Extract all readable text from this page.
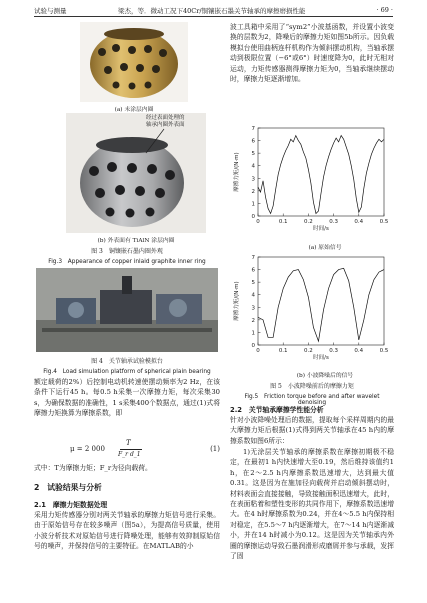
试验与测量	梁杰，等．微动工况下40Cr/铜镶嵌石墨关节轴承的摩擦磨损性能	· 69 ·
(a) 未涂层内圈
经过表面处理的
轴承内圈外表面
(b) 外表面有 TiAlN 涂层内圈
图 3　铜镶嵌石墨内圈外观
Fig.3　Appearance of copper inlaid graphite inner ring
图 4　关节轴承试验模拟台
Fig.4　Load simulation platform of spherical plain bearing
额定载荷的2%）后控制电动机转速使摆动频率为2 Hz，在该条件下运行45 h。每0.5 h采集一次摩擦力矩，每次采集30 s，为确保数据的准确性，1 s采集400个数据点，通过(1)式将摩擦力矩换算为摩擦系数，即
μ = 2 000
T
F_r d_1
(1)
式中：T为摩擦力矩；F_r为径向载荷。
2　试验结果与分析
2.1　摩擦力矩数据处理
采用力矩传感器分别对两关节轴承的摩擦力矩信号进行采集。由于原始信号存在较多噪声（图5a），为提高信号质量，使用小波分析技术对原始信号进行降噪处理，能够有效抑制原始信号的噪声，并保持信号的主要特征。在MATLAB的小
波工具箱中采用了“sym2”小波基函数，并设置小波变换的层数为2，降噪后的摩擦力矩如图5b所示。因负载模拟台使用曲柄连杆机构作为倾斜摆动机构，当轴承摆动到极限位置（−6°或6°）时速度降为0，此时无相对运动，力矩传感器测得摩擦力矩为0，当轴承继续摆动时，摩擦力矩逐渐增加。
0
1
2
3
4
5
6
7
0	0.1	0.2	0.3	0.4	0.5
时间/s
摩擦力矩/(N·m)
(a) 原始信号
0
1
2
3
4
5
6
7
0	0.1	0.2	0.3	0.4	0.5
时间/s
摩擦力矩/(N·m)
(b) 小波降噪后的信号
图 5　小波降噪前后的摩擦力矩
Fig.5　Friction torque before and after wavelet denoising
2.2　关节轴承摩擦学性能分析
针对小波降噪处理后的数据，提取每个采样周期内的最大摩擦力矩后根据(1)式得到两关节轴承在45 h内的摩擦系数如图6所示：
1)无涂层关节轴承的摩擦系数在摩擦初期极不稳定，在最初1 h内快速增大至0.19，然后维持该值约1 h，在2～2.5 h内摩擦系数迅速增大，达到最大值0.31。这是因为在施加径向载荷并启动倾斜摆动时，材料表面会直接接触，导致接触面积迅速增大，此时，在表面粘着和塑性变形的共同作用下，摩擦系数迅速增大。在4 h时摩擦系数为0.24，并在4～5.5 h内保持相对稳定，在5.5～7 h内逐渐增大，在7～14 h内逐渐减小，并在14 h时减小为0.12。这是因为关节轴承内外圈的摩擦运动导致石墨润滑形成磨屑并参与承载，发挥了固
